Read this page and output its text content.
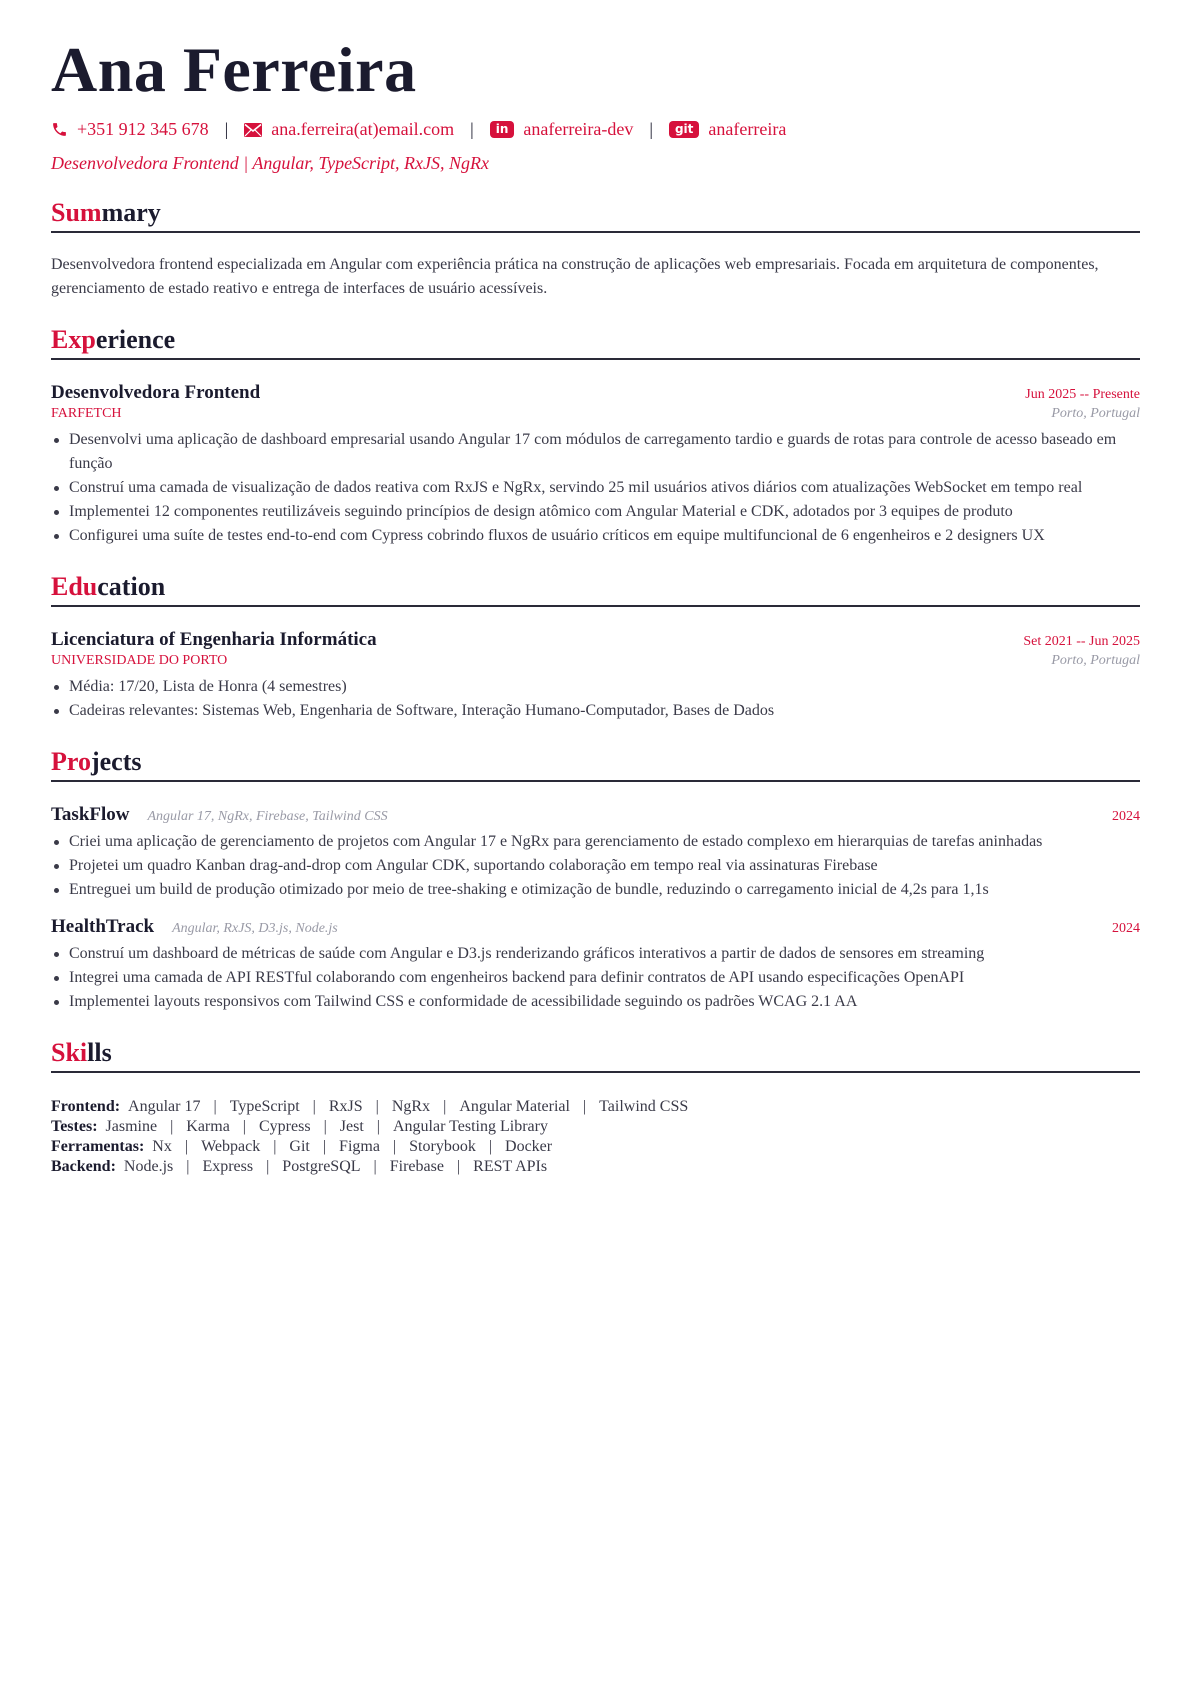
Ana Ferreira
+351 912 345 678 | ana.ferreira(at)email.com |	in anaferreira-dev |	git anaferreira
Desenvolvedora Frontend | Angular, TypeScript, RxJS, NgRx
Summary
Desenvolvedora frontend especializada em Angular com experiência prática na construção de aplicações web empresariais. Focada em arquitetura de componentes, gerenciamento de estado reativo e entrega de interfaces de usuário acessíveis.
Experience
Desenvolvedora Frontend	Jun 2025 -- Presente
FARFETCH	Porto, Portugal
Desenvolvi uma aplicação de dashboard empresarial usando Angular 17 com módulos de carregamento tardio e guards de rotas para controle de acesso baseado em função
Construí uma camada de visualização de dados reativa com RxJS e NgRx, servindo 25 mil usuários ativos diários com atualizações WebSocket em tempo real
Implementei 12 componentes reutilizáveis seguindo princípios de design atômico com Angular Material e CDK, adotados por 3 equipes de produto
Configurei uma suíte de testes end-to-end com Cypress cobrindo fluxos de usuário críticos em equipe multifuncional de 6 engenheiros e 2 designers UX
Education
Licenciatura of Engenharia Informática	Set 2021 -- Jun 2025
UNIVERSIDADE DO PORTO	Porto, Portugal
Média: 17/20, Lista de Honra (4 semestres)
Cadeiras relevantes: Sistemas Web, Engenharia de Software, Interação Humano-Computador, Bases de Dados
Projects
TaskFlow Angular 17, NgRx, Firebase, Tailwind CSS	2024
Criei uma aplicação de gerenciamento de projetos com Angular 17 e NgRx para gerenciamento de estado complexo em hierarquias de tarefas aninhadas
Projetei um quadro Kanban drag-and-drop com Angular CDK, suportando colaboração em tempo real via assinaturas Firebase
Entreguei um build de produção otimizado por meio de tree-shaking e otimização de bundle, reduzindo o carregamento inicial de 4,2s para 1,1s
HealthTrack Angular, RxJS, D3.js, Node.js	2024
Construí um dashboard de métricas de saúde com Angular e D3.js renderizando gráficos interativos a partir de dados de sensores em streaming
Integrei uma camada de API RESTful colaborando com engenheiros backend para definir contratos de API usando especificações OpenAPI
Implementei layouts responsivos com Tailwind CSS e conformidade de acessibilidade seguindo os padrões WCAG 2.1 AA
Skills
Frontend: Angular 17 | TypeScript | RxJS | NgRx | Angular Material | Tailwind CSS
Testes: Jasmine | Karma | Cypress | Jest | Angular Testing Library
Ferramentas: Nx | Webpack | Git | Figma | Storybook | Docker
Backend: Node.js | Express | PostgreSQL | Firebase | REST APIs
